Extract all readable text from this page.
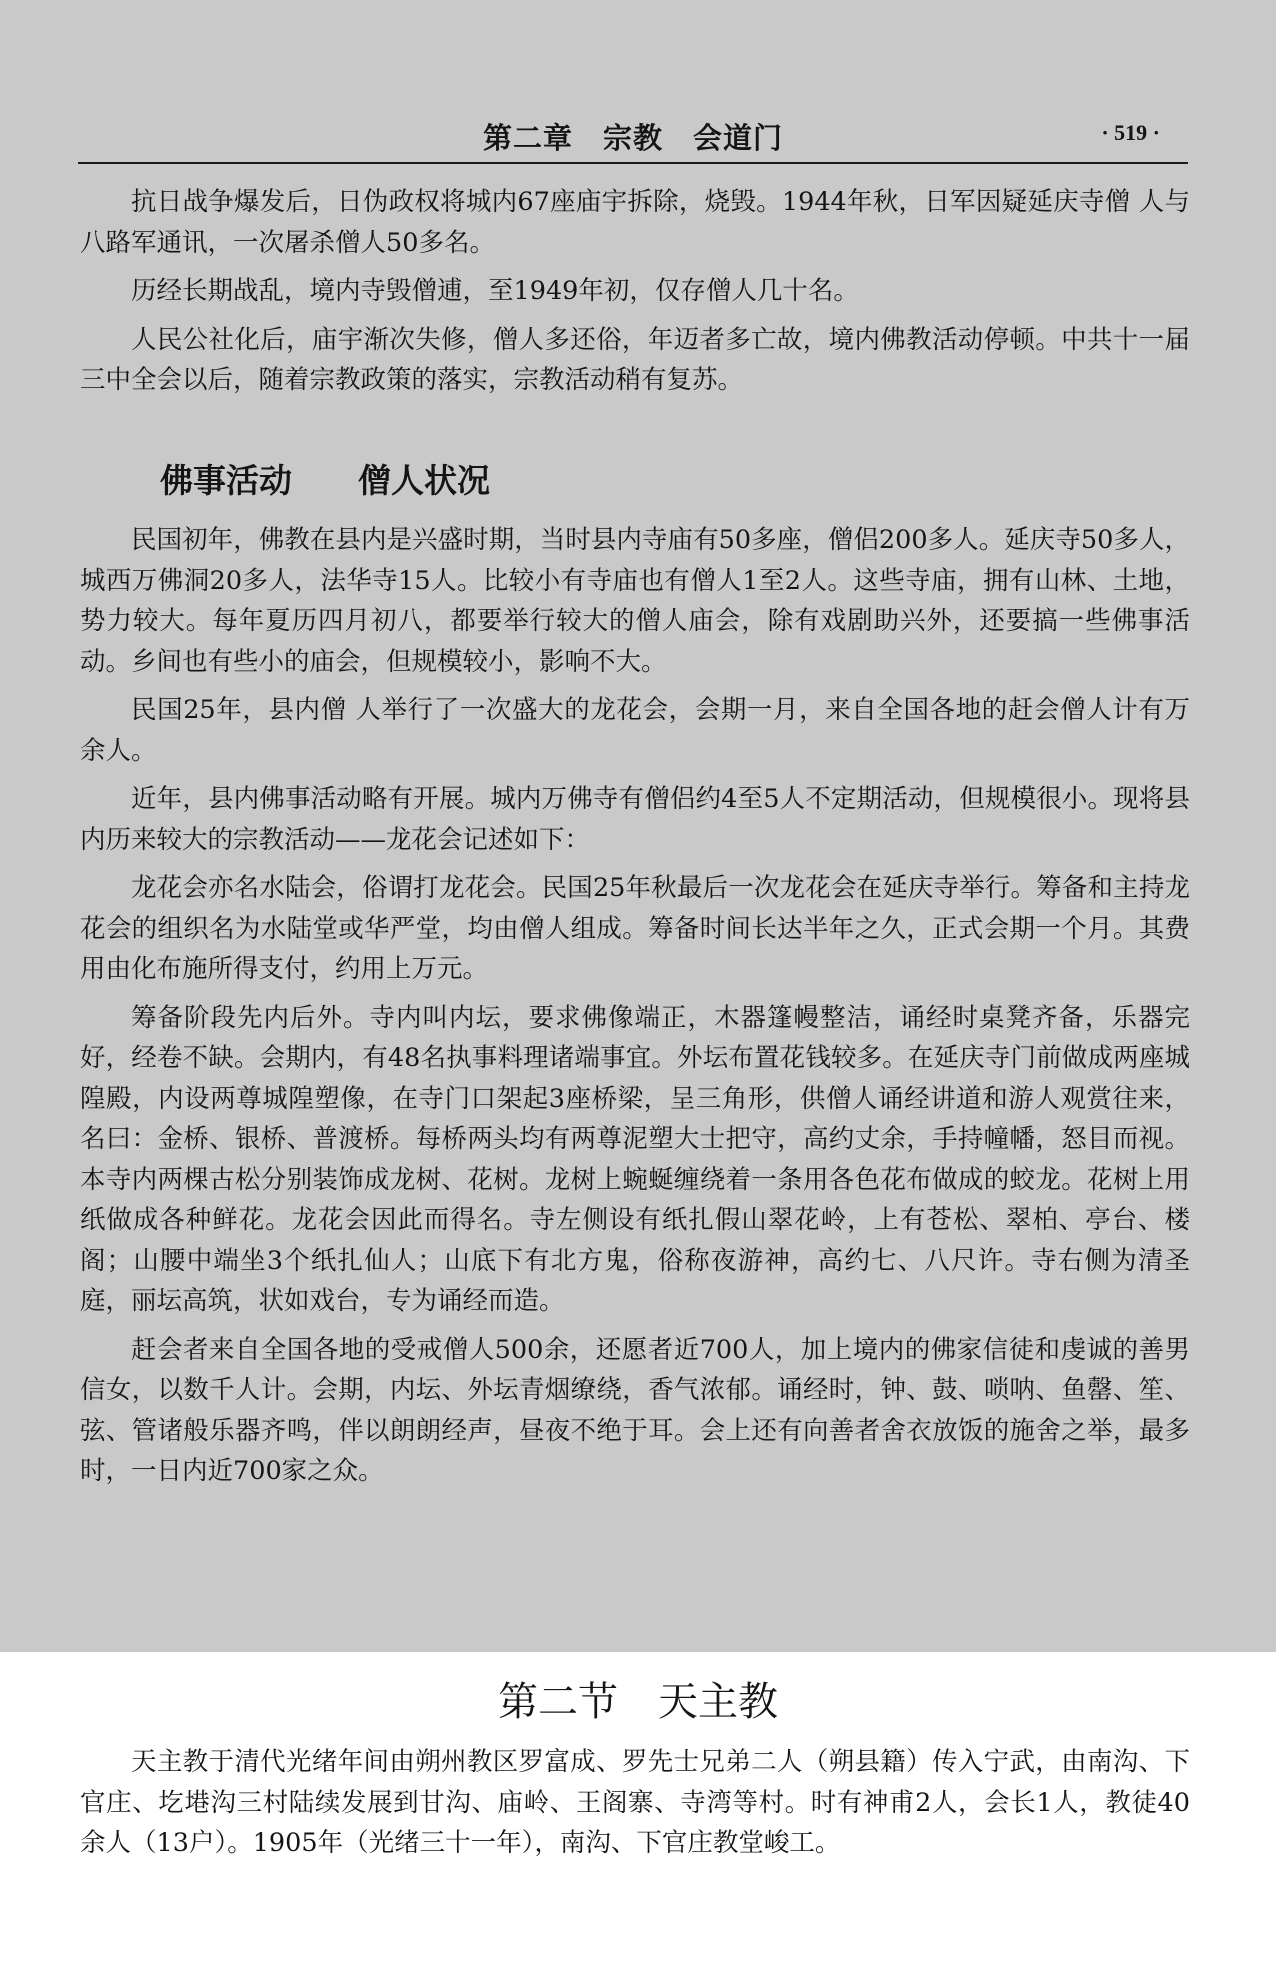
第二章　宗教　会道门	· 519 ·

抗日战争爆发后，日伪政权将城内67座庙宇拆除，烧毁。1944年秋，日军因疑延庆寺僧 人与八路军通讯，一次屠杀僧人50多名。

历经长期战乱，境内寺毁僧逋，至1949年初，仅存僧人几十名。

人民公社化后，庙宇渐次失修，僧人多还俗，年迈者多亡故，境内佛教活动停顿。中共十一届三中全会以后，随着宗教政策的落实，宗教活动稍有复苏。

佛事活动　　僧人状况

民国初年，佛教在县内是兴盛时期，当时县内寺庙有50多座，僧侣200多人。延庆寺50多人，城西万佛洞20多人，法华寺15人。比较小有寺庙也有僧人1至2人。这些寺庙，拥有山林、土地，势力较大。每年夏历四月初八，都要举行较大的僧人庙会，除有戏剧助兴外，还要搞一些佛事活动。乡间也有些小的庙会，但规模较小，影响不大。

民国25年，县内僧 人举行了一次盛大的龙花会，会期一月，来自全国各地的赶会僧人计有万余人。

近年，县内佛事活动略有开展。城内万佛寺有僧侣约4至5人不定期活动，但规模很小。现将县内历来较大的宗教活动——龙花会记述如下：

龙花会亦名水陆会，俗谓打龙花会。民国25年秋最后一次龙花会在延庆寺举行。筹备和主持龙花会的组织名为水陆堂或华严堂，均由僧人组成。筹备时间长达半年之久，正式会期一个月。其费用由化布施所得支付，约用上万元。

筹备阶段先内后外。寺内叫内坛，要求佛像端正，木器篷幔整洁，诵经时桌凳齐备，乐器完好，经卷不缺。会期内，有48名执事料理诸端事宜。外坛布置花钱较多。在延庆寺门前做成两座城隍殿，内设两尊城隍塑像，在寺门口架起3座桥梁，呈三角形，供僧人诵经讲道和游人观赏往来，名曰：金桥、银桥、普渡桥。每桥两头均有两尊泥塑大士把守，高约丈余，手持幢幡，怒目而视。本寺内两棵古松分别装饰成龙树、花树。龙树上蜿蜒缠绕着一条用各色花布做成的蛟龙。花树上用纸做成各种鲜花。龙花会因此而得名。寺左侧设有纸扎假山翠花岭，上有苍松、翠柏、亭台、楼阁；山腰中端坐3个纸扎仙人；山底下有北方鬼，俗称夜游神，高约七、八尺许。寺右侧为清圣庭，丽坛高筑，状如戏台，专为诵经而造。

赶会者来自全国各地的受戒僧人500余，还愿者近700人，加上境内的佛家信徒和虔诚的善男信女，以数千人计。会期，内坛、外坛青烟缭绕，香气浓郁。诵经时，钟、鼓、唢呐、鱼罄、笙、弦、管诸般乐器齐鸣，伴以朗朗经声，昼夜不绝于耳。会上还有向善者舍衣放饭的施舍之举，最多时，一日内近700家之众。

第二节　天主教

天主教于清代光绪年间由朔州教区罗富成、罗先士兄弟二人（朔县籍）传入宁武，由南沟、下官庄、圪塂沟三村陆续发展到甘沟、庙岭、王阁寨、寺湾等村。时有神甫2人，会长1人，教徒40余人（13户）。1905年（光绪三十一年），南沟、下官庄教堂峻工。
